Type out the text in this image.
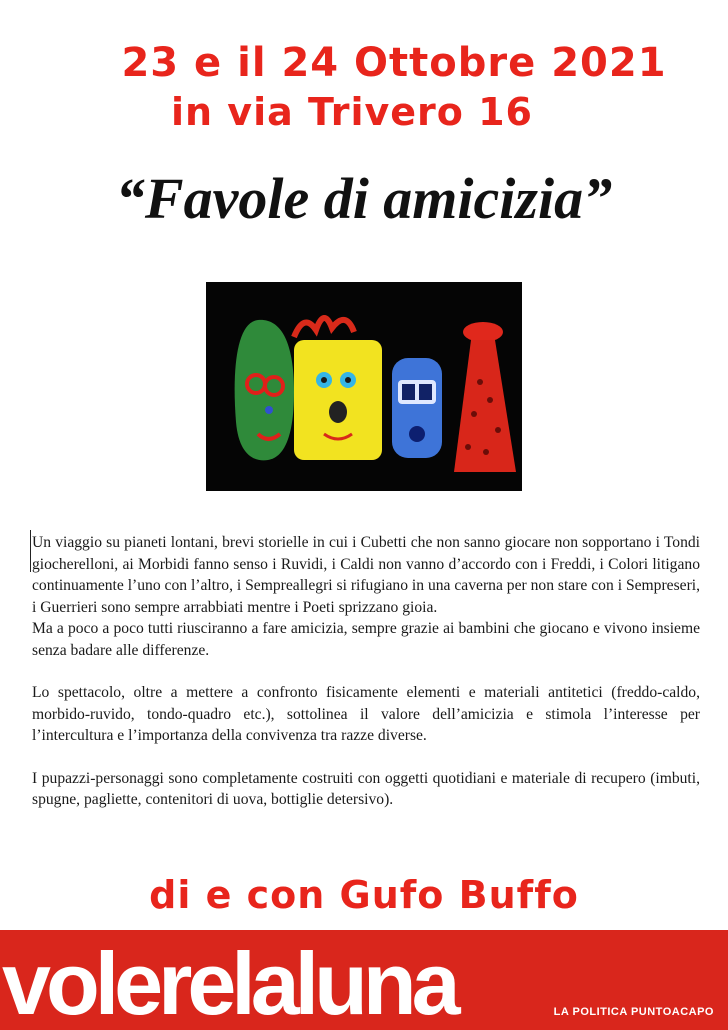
23 e il 24 Ottobre 2021
in via Trivero 16
“Favole di amicizia”

Un viaggio su pianeti lontani, brevi storielle in cui i Cubetti che non sanno giocare non sopportano i Tondi giocherelloni, ai Morbidi fanno senso i Ruvidi, i Caldi non vanno d’accordo con i Freddi, i Colori litigano continuamente l’uno con l’altro, i Sempreallegri si rifugiano in una caverna per non stare con i Sempreseri, i Guerrieri sono sempre arrabbiati mentre i Poeti sprizzano gioia.

Ma a poco a poco tutti riusciranno a fare amicizia, sempre grazie ai bambini che giocano e vivono insieme senza badare alle differenze.

Lo spettacolo, oltre a mettere a confronto fisicamente elementi e materiali antitetici (freddo-caldo, morbido-ruvido, tondo-quadro etc.), sottolinea il valore dell’amicizia e stimola l’interesse per l’intercultura e l’importanza della convivenza tra razze diverse.

I pupazzi-personaggi sono completamente costruiti con oggetti quotidiani e materiale di recupero (imbuti, spugne, pagliette, contenitori di uova, bottiglie detersivo).

di e con Gufo Buffo
volerelaluna	LA POLITICA PUNTOACAPO
